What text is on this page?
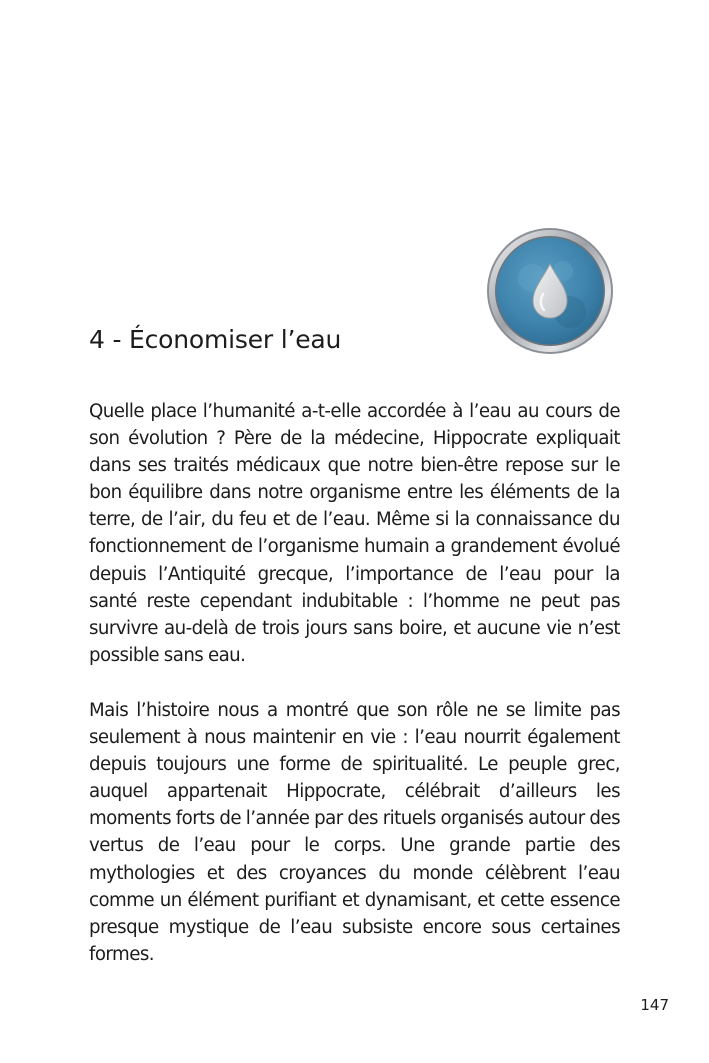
4 - Économiser l’eau

Quelle place l’humanité a-t-elle accordée à l’eau au cours de son évolution ? Père de la médecine, Hippocrate expliquait dans ses traités médicaux que notre bien-être repose sur le bon équilibre dans notre organisme entre les éléments de la terre, de l’air, du feu et de l’eau. Même si la connaissance du fonctionnement de l’organisme humain a grandement évolué depuis l’Antiquité grecque, l’importance de l’eau pour la santé reste cependant indubitable : l’homme ne peut pas survivre au-delà de trois jours sans boire, et aucune vie n’est possible sans eau.

Mais l’histoire nous a montré que son rôle ne se limite pas seulement à nous maintenir en vie : l’eau nourrit également depuis toujours une forme de spiritualité. Le peuple grec, auquel appartenait Hippocrate, célébrait d’ailleurs les moments forts de l’année par des rituels organisés autour des vertus de l’eau pour le corps. Une grande partie des mythologies et des croyances du monde célèbrent l’eau comme un élément purifiant et dynamisant, et cette essence presque mystique de l’eau subsiste encore sous certaines formes.

147
